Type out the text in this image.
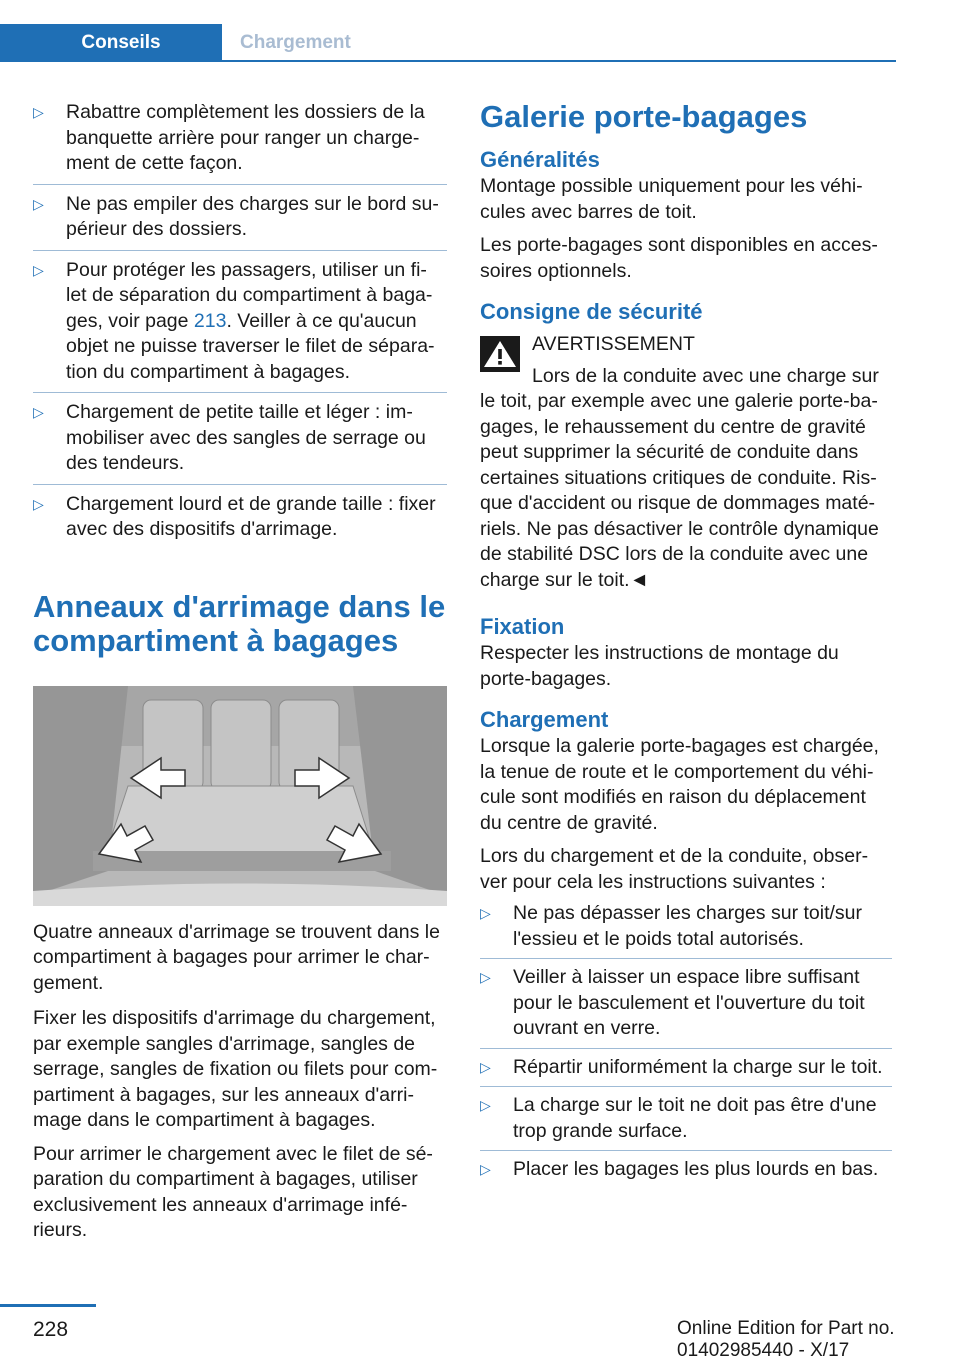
Conseils	Chargement
▷ Rabattre complètement les dossiers de la banquette arrière pour ranger un charge‐ment de cette façon.
▷ Ne pas empiler des charges sur le bord su‐périeur des dossiers.
▷ Pour protéger les passagers, utiliser un fi‐let de séparation du compartiment à baga‐ges, voir page 213. Veiller à ce qu'aucun objet ne puisse traverser le filet de sépara‐tion du compartiment à bagages.
▷ Chargement de petite taille et léger : im‐mobiliser avec des sangles de serrage ou des tendeurs.
▷ Chargement lourd et de grande taille : fixer avec des dispositifs d'arrimage.
Anneaux d'arrimage dans le compartiment à bagages

Quatre anneaux d'arrimage se trouvent dans le compartiment à bagages pour arrimer le char‐gement.

Fixer les dispositifs d'arrimage du chargement, par exemple sangles d'arrimage, sangles de serrage, sangles de fixation ou filets pour com‐partiment à bagages, sur les anneaux d'arri‐mage dans le compartiment à bagages.

Pour arrimer le chargement avec le filet de sé‐paration du compartiment à bagages, utiliser exclusivement les anneaux d'arrimage infé‐rieurs.

Galerie porte-bagages
Généralités

Montage possible uniquement pour les véhi‐cules avec barres de toit.

Les porte-bagages sont disponibles en acces‐soires optionnels.

Consigne de sécurité

AVERTISSEMENT

Lors de la conduite avec une charge sur le toit, par exemple avec une galerie porte-ba‐gages, le rehaussement du centre de gravité peut supprimer la sécurité de conduite dans certaines situations critiques de conduite. Ris‐que d'accident ou risque de dommages maté‐riels. Ne pas désactiver le contrôle dynamique de stabilité DSC lors de la conduite avec une charge sur le toit.◄

Fixation

Respecter les instructions de montage du porte-bagages.

Chargement

Lorsque la galerie porte-bagages est chargée, la tenue de route et le comportement du véhi‐cule sont modifiés en raison du déplacement du centre de gravité.

Lors du chargement et de la conduite, obser‐ver pour cela les instructions suivantes :

▷ Ne pas dépasser les charges sur toit/sur l'essieu et le poids total autorisés.
▷ Veiller à laisser un espace libre suffisant pour le basculement et l'ouverture du toit ouvrant en verre.
▷ Répartir uniformément la charge sur le toit.
▷ La charge sur le toit ne doit pas être d'une trop grande surface.
▷ Placer les bagages les plus lourds en bas.
228	Online Edition for Part no. 01402985440 - X/17
